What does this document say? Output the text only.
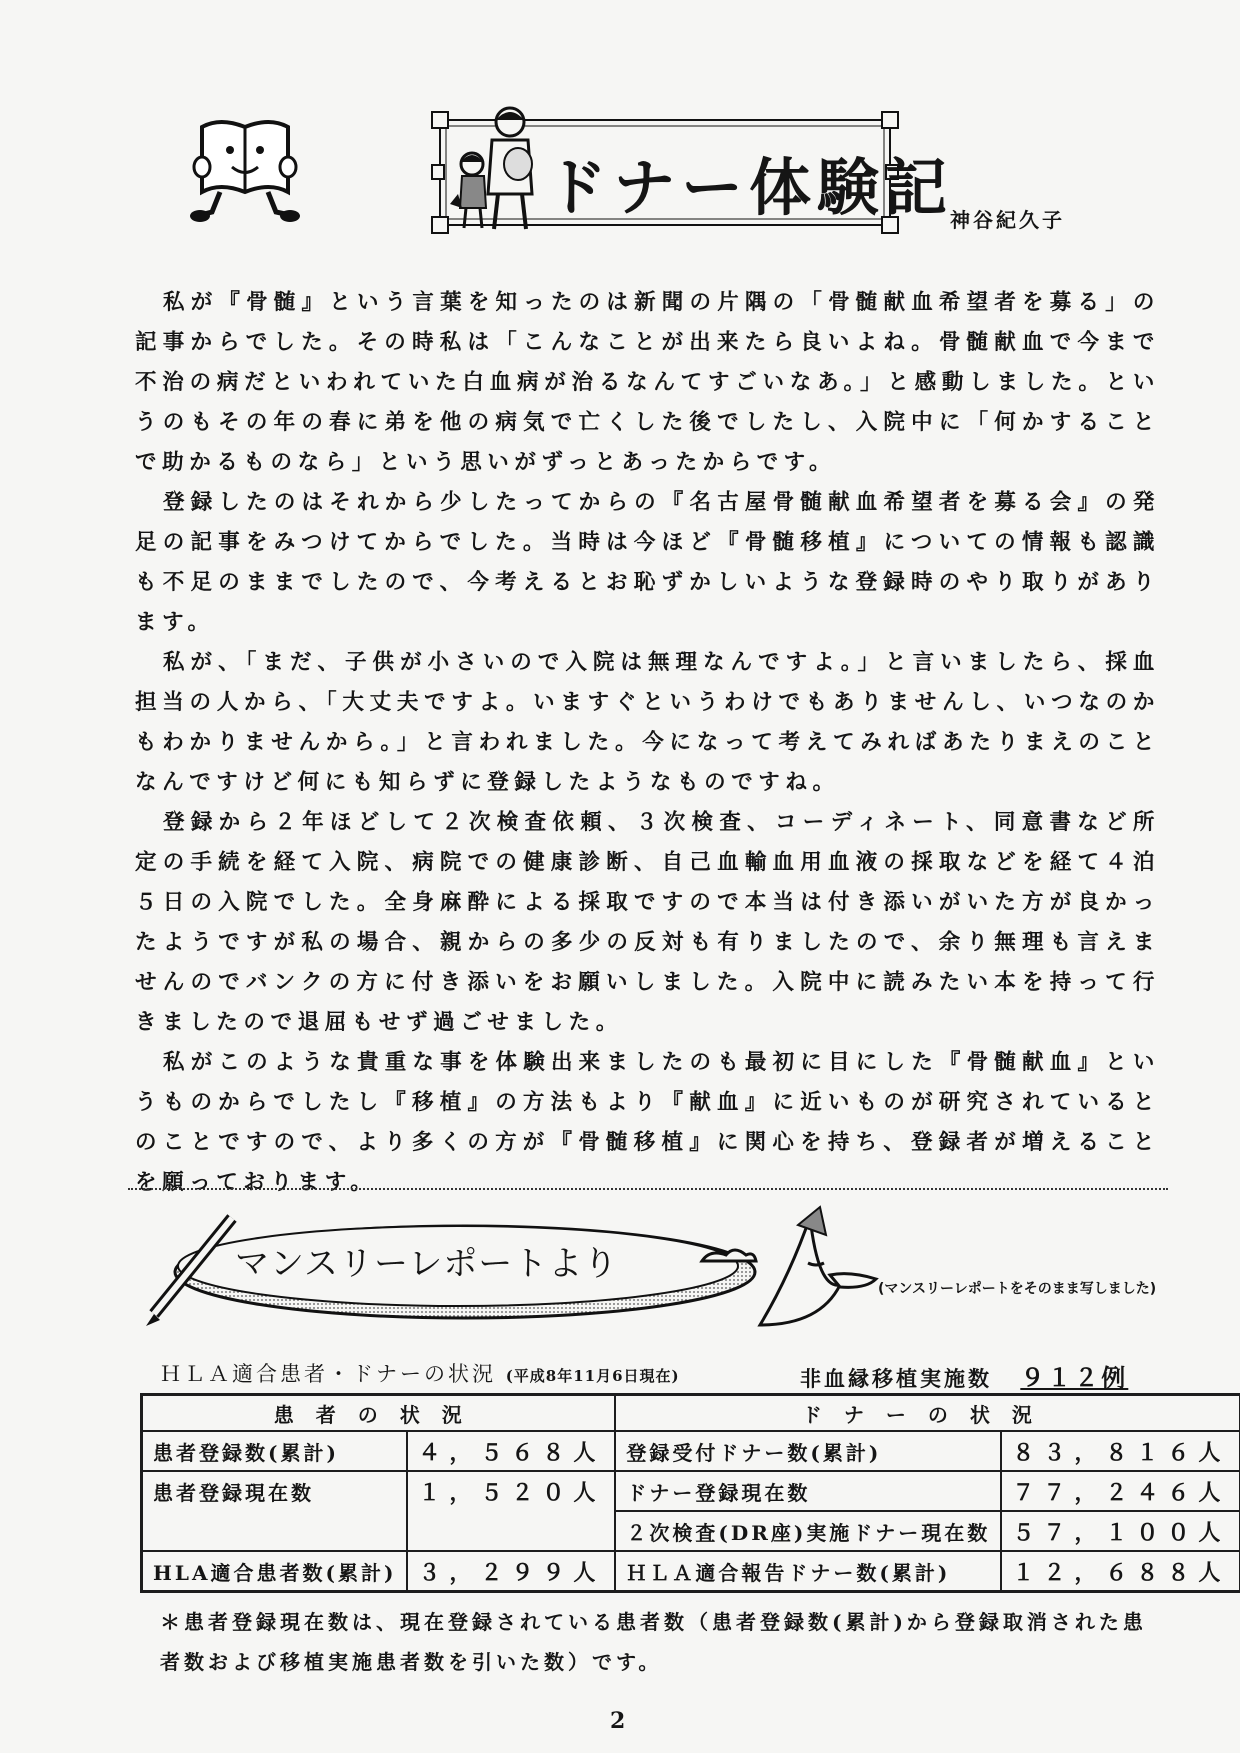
ドナー体験記
神谷紀久子

私が『骨髄』という言葉を知ったのは新聞の片隅の「骨髄献血希望者を募る」の記事からでした。その時私は「こんなことが出来たら良いよね。骨髄献血で今まで不治の病だといわれていた白血病が治るなんてすごいなあ。」と感動しました。というのもその年の春に弟を他の病気で亡くした後でしたし、入院中に「何かすることで助かるものなら」という思いがずっとあったからです。

登録したのはそれから少したってからの『名古屋骨髄献血希望者を募る会』の発足の記事をみつけてからでした。当時は今ほど『骨髄移植』についての情報も認識も不足のままでしたので、今考えるとお恥ずかしいような登録時のやり取りがあります。

私が、「まだ、子供が小さいので入院は無理なんですよ。」と言いましたら、採血担当の人から、「大丈夫ですよ。いますぐというわけでもありませんし、いつなのかもわかりませんから。」と言われました。今になって考えてみればあたりまえのことなんですけど何にも知らずに登録したようなものですね。

登録から２年ほどして２次検査依頼、３次検査、コーディネート、同意書など所定の手続を経て入院、病院での健康診断、自己血輸血用血液の採取などを経て４泊５日の入院でした。全身麻酔による採取ですので本当は付き添いがいた方が良かったようですが私の場合、親からの多少の反対も有りましたので、余り無理も言えませんのでバンクの方に付き添いをお願いしました。入院中に読みたい本を持って行きましたので退屈もせず過ごせました。

私がこのような貴重な事を体験出来ましたのも最初に目にした『骨髄献血』というものからでしたし『移植』の方法もより『献血』に近いものが研究されているとのことですので、より多くの方が『骨髄移植』に関心を持ち、登録者が増えることを願っております。

マンスリーレポートより
(マンスリーレポートをそのまま写しました)
ＨＬＡ適合患者・ドナーの状況 (平成8年11月6日現在)	非血縁移植実施数 ９１２例
患者の状況		ドナーの状況	
患者登録数(累計)	４，５６８人	登録受付ドナー数(累計)	８３，８１６人
患者登録現在数	１，５２０人	ドナー登録現在数	７７，２４６人
		２次検査(DR座)実施ドナー現在数	５７，１００人
HLA適合患者数(累計)	３，２９９人	ＨＬＡ適合報告ドナー数(累計)	１２，６８８人
＊患者登録現在数は、現在登録されている患者数（患者登録数(累計)から登録取消された患者数および移植実施患者数を引いた数）です。
2
